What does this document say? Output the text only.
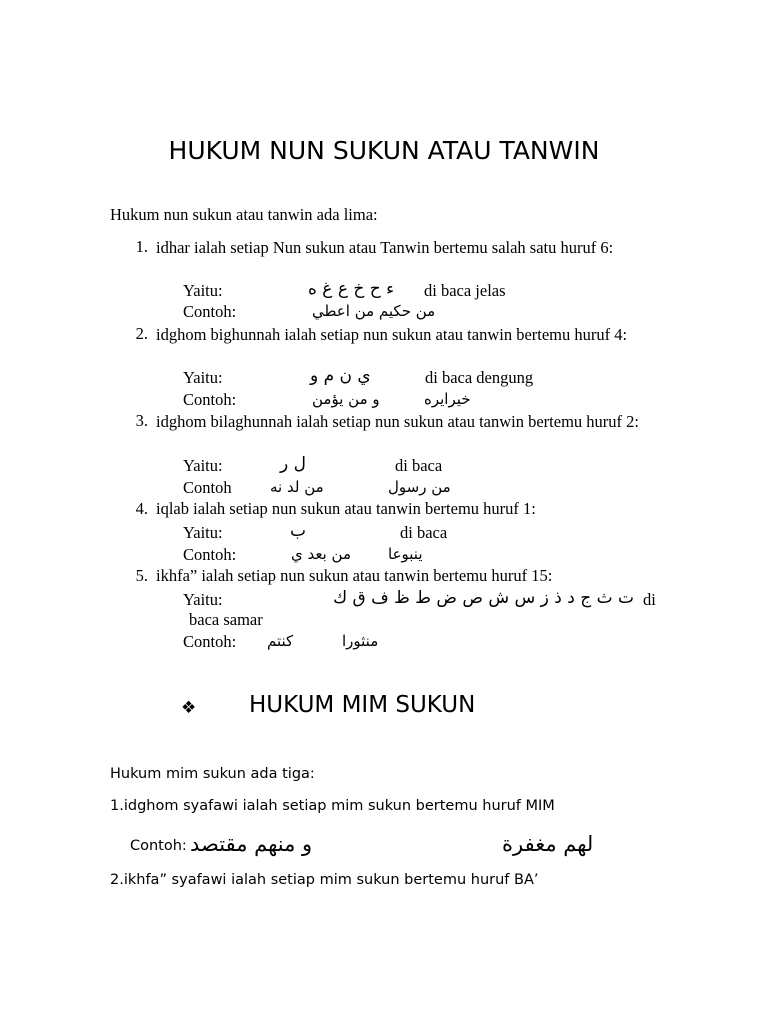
HUKUM NUN SUKUN ATAU TANWIN
Hukum nun sukun atau tanwin ada lima:
1. idhar ialah setiap Nun sukun atau Tanwin bertemu salah satu huruf 6:
Yaitu:	ء ح خ ع غ ه di baca jelas
Contoh:	من حكيم من اعطي
2. idghom bighunnah ialah setiap nun sukun atau tanwin bertemu huruf 4:
Yaitu:	ي ن م و	di baca dengung
Contoh:	و من يؤمن	خيرايره
3. idghom bilaghunnah ialah setiap nun sukun atau tanwin bertemu huruf 2:
Yaitu:	ل ر	di baca
Contoh	من لد نه	من رسول
4. iqlab ialah setiap nun sukun atau tanwin bertemu huruf 1:
Yaitu:	ب	di baca
Contoh:	من بعد ي ينبوعا
5. ikhfa” ialah setiap nun sukun atau tanwin bertemu huruf 15:
Yaitu:	ت ث ج د ذ ز س ش ص ض ط ظ ف ق ك di
baca samar
Contoh: كنتم	منثورا
❖ HUKUM MIM SUKUN
Hukum mim sukun ada tiga:
1.idghom syafawi ialah setiap mim sukun bertemu huruf MIM
Contoh: و منهم مقتصد	لهم مغفرة
2.ikhfa” syafawi ialah setiap mim sukun bertemu huruf BA’
